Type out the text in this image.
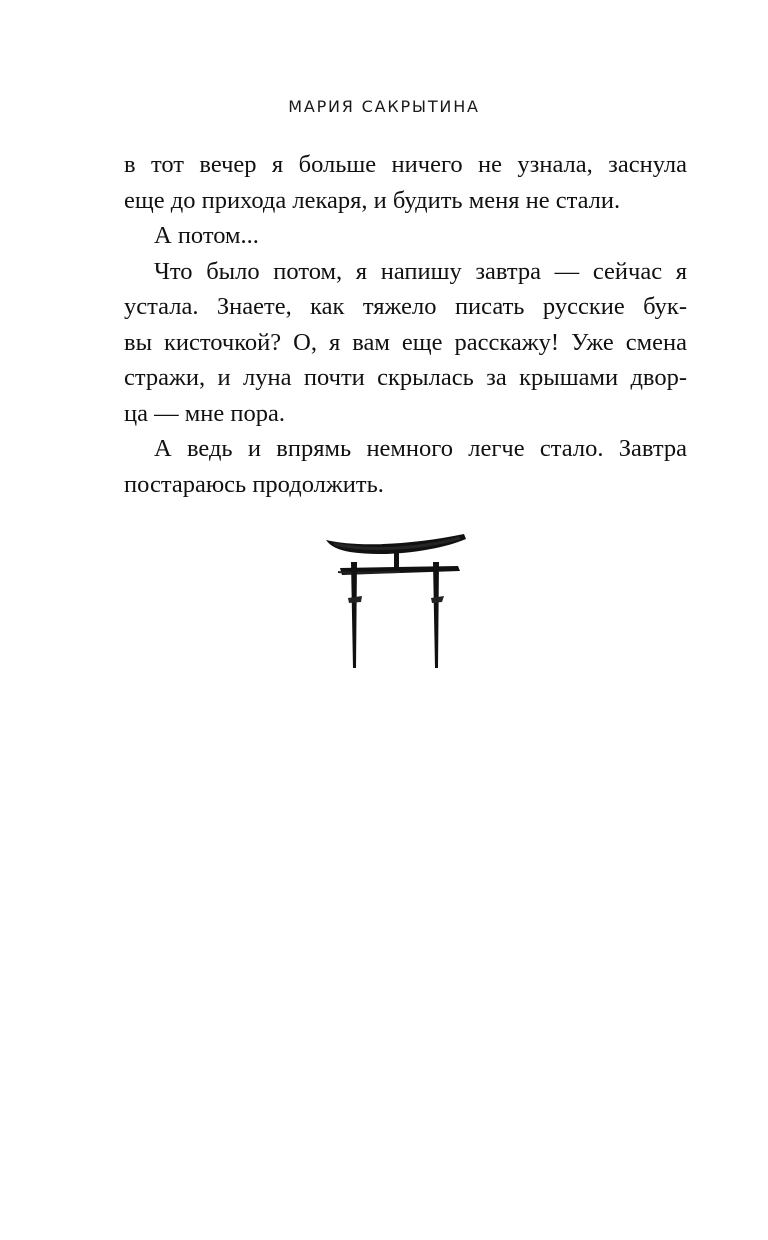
МАРИЯ САКРЫТИНА
в тот вечер я больше ничего не узнала, заснула
еще до прихода лекаря, и будить меня не стали.
А потом...
Что было потом, я напишу завтра — сейчас я
устала. Знаете, как тяжело писать русские бук-
вы кисточкой? О, я вам еще расскажу! Уже смена
стражи, и луна почти скрылась за крышами двор-
ца — мне пора.
А ведь и впрямь немного легче стало. Завтра
постараюсь продолжить.
